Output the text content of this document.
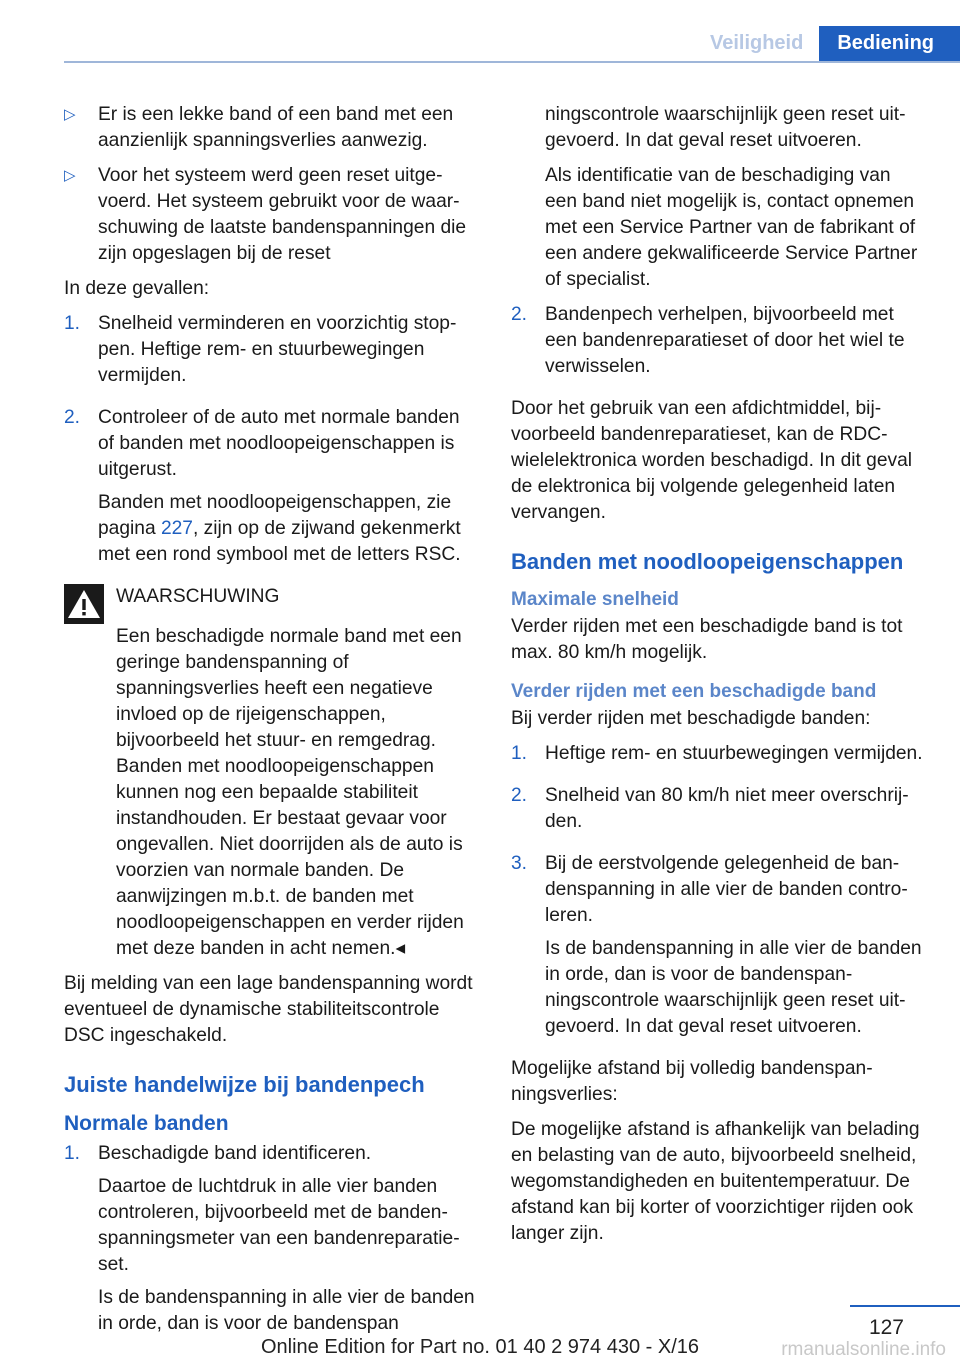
Veiligheid	Bediening
▷	Er is een lekke band of een band met een aanzienlijk spanningsverlies aanwezig.
▷	Voor het systeem werd geen reset uitgevoerd. Het systeem gebruikt voor de waarschuwing de laatste bandenspanningen die zijn opgeslagen bij de reset

In deze gevallen:

1. Snelheid verminderen en voorzichtig stoppen. Heftige rem- en stuurbewegingen vermijden.

2. Controleer of de auto met normale banden of banden met noodloopeigenschappen is uitgerust.

Banden met noodloopeigenschappen, zie pagina 227, zijn op de zijwand gekenmerkt met een rond symbool met de letters RSC.

WAARSCHUWING

Een beschadigde normale band met een geringe bandenspanning of spanningsverlies heeft een negatieve invloed op de rijeigenschappen, bijvoorbeeld het stuur- en remgedrag. Banden met noodloopeigenschappen kunnen nog een bepaalde stabiliteit instandhouden. Er bestaat gevaar voor ongevallen. Niet doorrijden als de auto is voorzien van normale banden. De aanwijzingen m.b.t. de banden met noodloopeigenschappen en verder rijden met deze banden in acht nemen.◂

Bij melding van een lage bandenspanning wordt eventueel de dynamische stabiliteitscontrole DSC ingeschakeld.

Juiste handelwijze bij bandenpech
Normale banden
1. Beschadigde band identificeren.

Daartoe de luchtdruk in alle vier banden controleren, bijvoorbeeld met de bandenspanningsmeter van een bandenreparatieset.

Is de bandenspanning in alle vier de banden in orde, dan is voor de bandenspan

ningscontrole waarschijnlijk geen reset uitgevoerd. In dat geval reset uitvoeren.

Als identificatie van de beschadiging van een band niet mogelijk is, contact opnemen met een Service Partner van de fabrikant of een andere gekwalificeerde Service Partner of specialist.

2. Bandenpech verhelpen, bijvoorbeeld met een bandenreparatieset of door het wiel te verwisselen.

Door het gebruik van een afdichtmiddel, bijvoorbeeld bandenreparatieset, kan de RDC-wielelektronica worden beschadigd. In dit geval de elektronica bij volgende gelegenheid laten vervangen.

Banden met noodloopeigenschappen
Maximale snelheid

Verder rijden met een beschadigde band is tot max. 80 km/h mogelijk.

Verder rijden met een beschadigde band

Bij verder rijden met beschadigde banden:

1. Heftige rem- en stuurbewegingen vermijden.

2. Snelheid van 80 km/h niet meer overschrijden.

3. Bij de eerstvolgende gelegenheid de bandenspanning in alle vier de banden controleren.

Is de bandenspanning in alle vier de banden in orde, dan is voor de bandenspanningscontrole waarschijnlijk geen reset uitgevoerd. In dat geval reset uitvoeren.

Mogelijke afstand bij volledig bandenspanningsverlies:

De mogelijke afstand is afhankelijk van belading en belasting van de auto, bijvoorbeeld snelheid, wegomstandigheden en buitentemperatuur. De afstand kan bij korter of voorzichtiger rijden ook langer zijn.

127
Online Edition for Part no. 01 40 2 974 430 - X/16	rmanualsonline.info
